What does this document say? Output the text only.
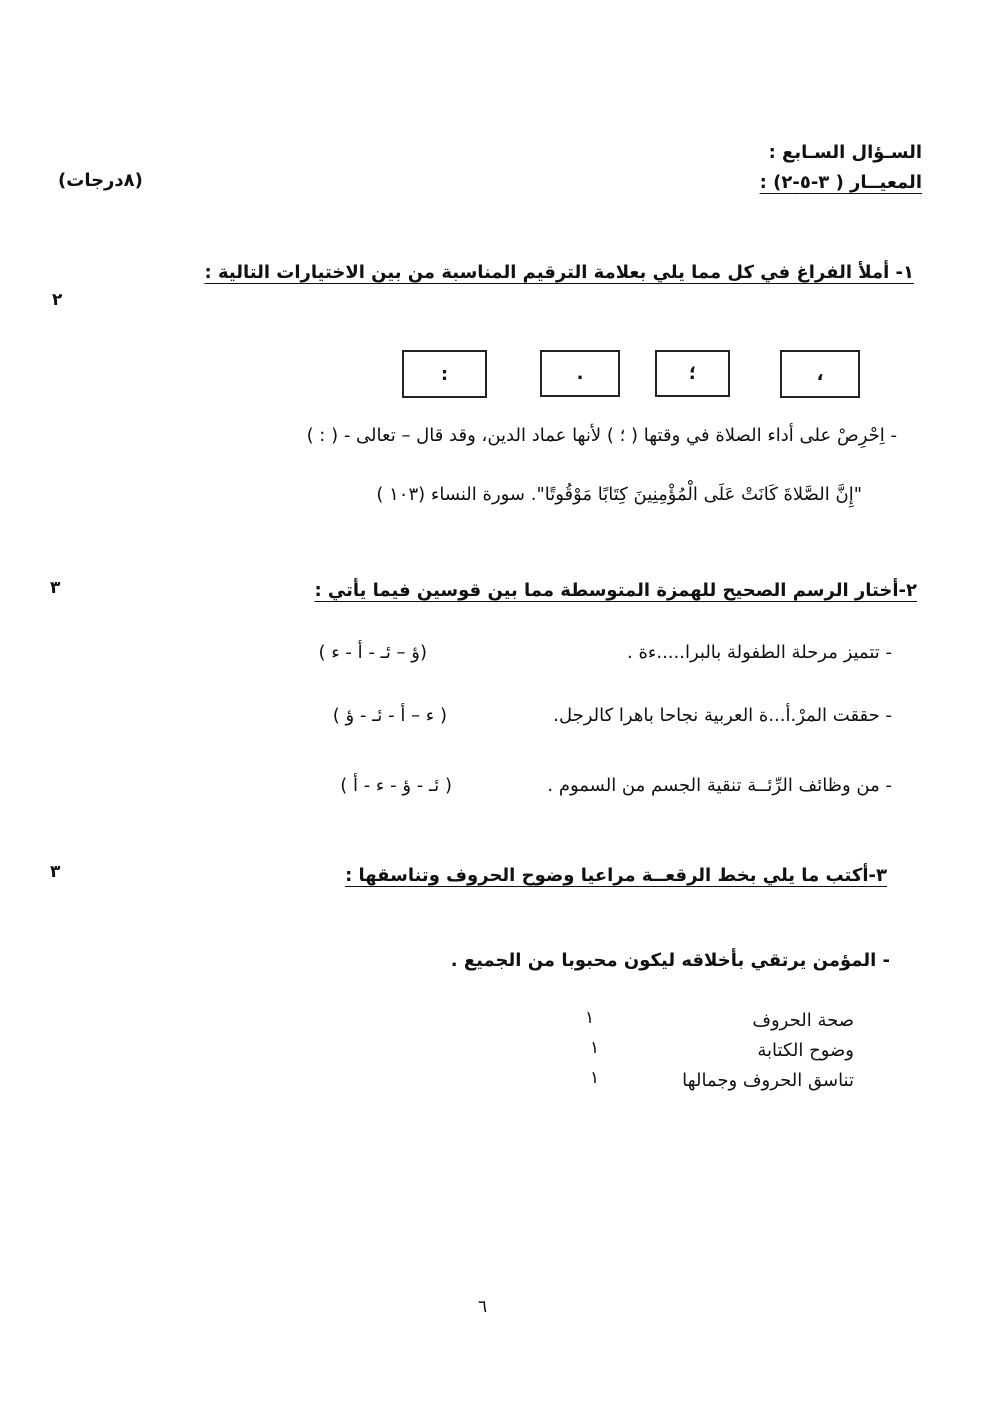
السـؤال السـابع :
المعيــار ( ٣-٥-٢) :
(٨درجات)
١- أملأ الفراغ في كل مما يلي بعلامة الترقيم المناسبة من بين الاختيارات التالية :
٢
،
؛
.
:
- اِحْرِصْ على أداء الصلاة في وقتها ( ؛ ) لأنها عماد الدين، وقد قال – تعالى - ( : )
"إِنَّ الصَّلاةَ كَانَتْ عَلَى الْمُؤْمِنِينَ كِتَابًا مَوْقُوتًا". سورة النساء (١٠٣ )
٢-أختار الرسم الصحيح للهمزة المتوسطة مما بين قوسين فيما يأتي :
٣
- تتميز مرحلة الطفولة بالبرا.....ءة .
(ؤ – ئـ - أ - ء )
- حققت المرْ.أ...ة العربية نجاحا باهرا كالرجل.
( ء – أ - ئـ - ؤ )
- من وظائف الرِّئــة تنقية الجسم من السموم .
( ئـ - ؤ - ء - أ )
٣-أكتب ما يلي بخط الرقعــة مراعيا وضوح الحروف وتناسقها :
٣
- المؤمن يرتقي بأخلاقه ليكون محبوبا من الجميع .
صحة الحروف
١
وضوح الكتابة
١
تناسق الحروف وجمالها
١
٦
